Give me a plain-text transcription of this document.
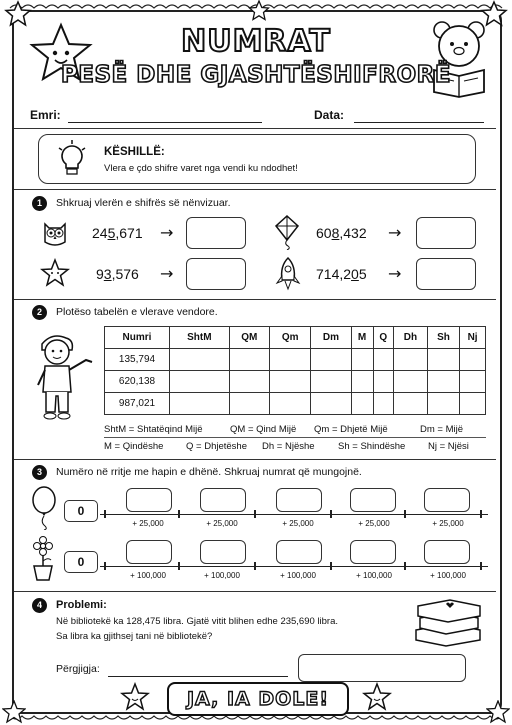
NUMRAT
PESË DHE GJASHTËSHIFRORË
Emri:	Data:
KËSHILLË:
Vlera e çdo shifre varet nga vendi ku ndodhet!
1	Shkruaj vlerën e shifrës së nënvizuar.
245,671 →	608,432 →
93,576 →	714,205 →
2	Plotëso tabelën e vlerave vendore.
Numri	ShtM	QM	Qm	Dm	M	Q	Dh	Sh	Nj
135,794									
620,138									
987,021									
ShtM = Shtatëqind Mijë	QM = Qind Mijë Qm = Dhjetë Mijë	Dm = Mijë
M = Qindëshe Q = Dhjetëshe Dh = Njëshe Sh = Shindëshe Nj = Njësi
3	Numëro në rritje me hapin e dhënë. Shkruaj numrat që mungojnë.
0
+ 25,000	+ 25,000	+ 25,000	+ 25,000	+ 25,000
0
+ 100,000	+ 100,000	+ 100,000	+ 100,000	+ 100,000
4	Problemi:
Në bibliotekë ka 128,475 libra. Gjatë vitit blihen edhe 235,690 libra.
Sa libra ka gjithsej tani në bibliotekë?
Përgjigja:
JA, IA DOLE!
